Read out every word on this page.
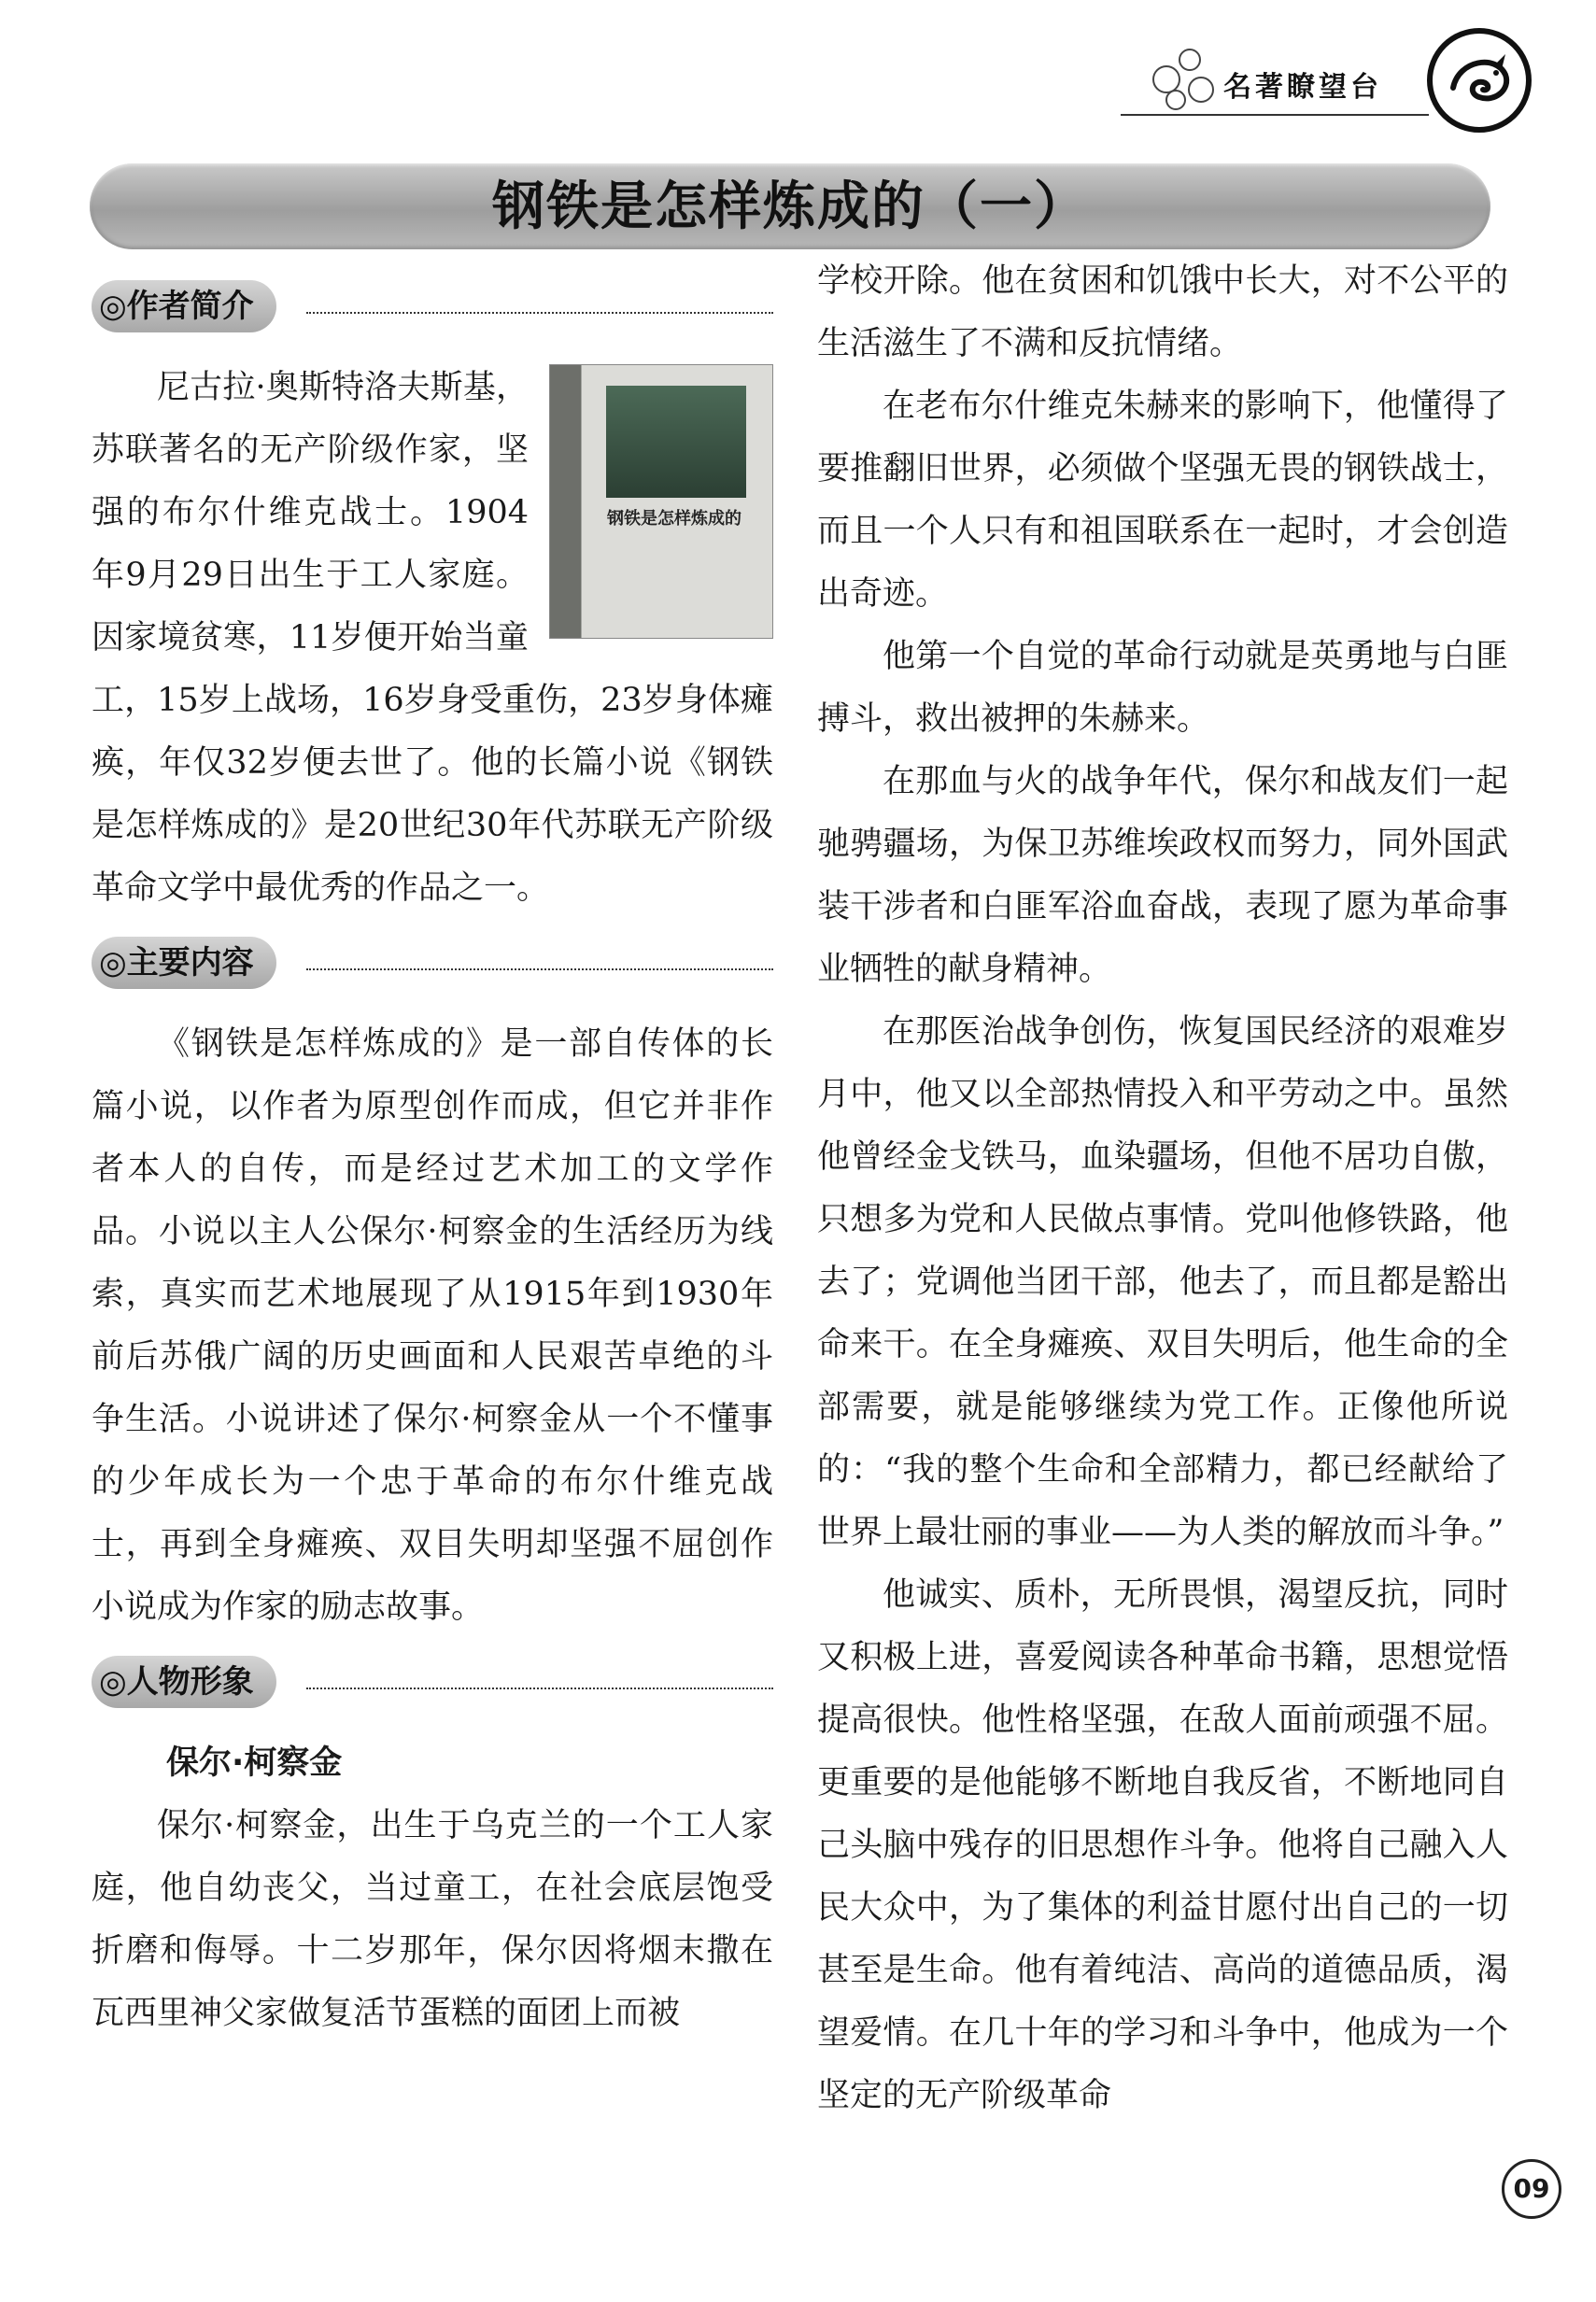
名著瞭望台
钢铁是怎样炼成的（一）
◎作者简介
钢铁是怎样炼成的

尼古拉·奥斯特洛夫斯基，苏联著名的无产阶级作家，坚强的布尔什维克战士。1904年9月29日出生于工人家庭。因家境贫寒，11岁便开始当童工，15岁上战场，16岁身受重伤，23岁身体瘫痪，年仅32岁便去世了。他的长篇小说《钢铁是怎样炼成的》是20世纪30年代苏联无产阶级革命文学中最优秀的作品之一。

◎主要内容

《钢铁是怎样炼成的》是一部自传体的长篇小说，以作者为原型创作而成，但它并非作者本人的自传，而是经过艺术加工的文学作品。小说以主人公保尔·柯察金的生活经历为线索，真实而艺术地展现了从1915年到1930年前后苏俄广阔的历史画面和人民艰苦卓绝的斗争生活。小说讲述了保尔·柯察金从一个不懂事的少年成长为一个忠于革命的布尔什维克战士，再到全身瘫痪、双目失明却坚强不屈创作小说成为作家的励志故事。

◎人物形象
保尔·柯察金

保尔·柯察金，出生于乌克兰的一个工人家庭，他自幼丧父，当过童工，在社会底层饱受折磨和侮辱。十二岁那年，保尔因将烟末撒在瓦西里神父家做复活节蛋糕的面团上而被

学校开除。他在贫困和饥饿中长大，对不公平的生活滋生了不满和反抗情绪。

在老布尔什维克朱赫来的影响下，他懂得了要推翻旧世界，必须做个坚强无畏的钢铁战士，而且一个人只有和祖国联系在一起时，才会创造出奇迹。

他第一个自觉的革命行动就是英勇地与白匪搏斗，救出被押的朱赫来。

在那血与火的战争年代，保尔和战友们一起驰骋疆场，为保卫苏维埃政权而努力，同外国武装干涉者和白匪军浴血奋战，表现了愿为革命事业牺牲的献身精神。

在那医治战争创伤，恢复国民经济的艰难岁月中，他又以全部热情投入和平劳动之中。虽然他曾经金戈铁马，血染疆场，但他不居功自傲，只想多为党和人民做点事情。党叫他修铁路，他去了；党调他当团干部，他去了，而且都是豁出命来干。在全身瘫痪、双目失明后，他生命的全部需要，就是能够继续为党工作。正像他所说的：“我的整个生命和全部精力，都已经献给了世界上最壮丽的事业——为人类的解放而斗争。”

他诚实、质朴，无所畏惧，渴望反抗，同时又积极上进，喜爱阅读各种革命书籍，思想觉悟提高很快。他性格坚强，在敌人面前顽强不屈。更重要的是他能够不断地自我反省，不断地同自己头脑中残存的旧思想作斗争。他将自己融入人民大众中，为了集体的利益甘愿付出自己的一切甚至是生命。他有着纯洁、高尚的道德品质，渴望爱情。在几十年的学习和斗争中，他成为一个坚定的无产阶级革命

09
